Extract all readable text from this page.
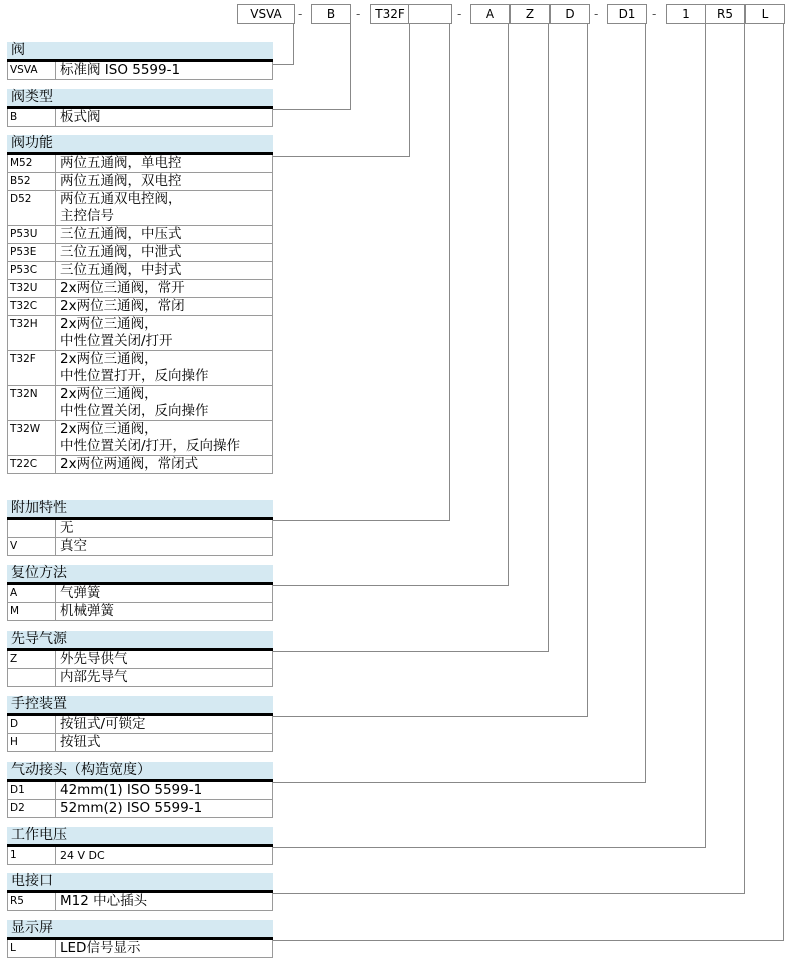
VSVA	-	B	-	T32F	-	A	Z	D	-	D1	-	1	R5	L
阀
VSVA	标准阀 ISO 5599-1
阀类型
B	板式阀
阀功能
M52	两位五通阀，单电控
B52	两位五通阀，双电控
D52	两位五通双电控阀，
主控信号
P53U	三位五通阀，中压式
P53E	三位五通阀，中泄式
P53C	三位五通阀，中封式
T32U	2x两位三通阀，常开
T32C	2x两位三通阀，常闭
T32H	2x两位三通阀，
中性位置关闭/打开
T32F	2x两位三通阀，
中性位置打开，反向操作
T32N	2x两位三通阀，
中性位置关闭，反向操作
T32W	2x两位三通阀，
中性位置关闭/打开，反向操作
T22C	2x两位两通阀，常闭式
附加特性
	无
V	真空
复位方法
A	气弹簧
M	机械弹簧
先导气源
Z	外先导供气
	内部先导气
手控装置
D	按钮式/可锁定
H	按钮式
气动接头（构造宽度）
D1	42mm(1) ISO 5599-1
D2	52mm(2) ISO 5599-1
工作电压
1	24 V DC
电接口
R5	M12 中心插头
显示屏
L	LED信号显示
